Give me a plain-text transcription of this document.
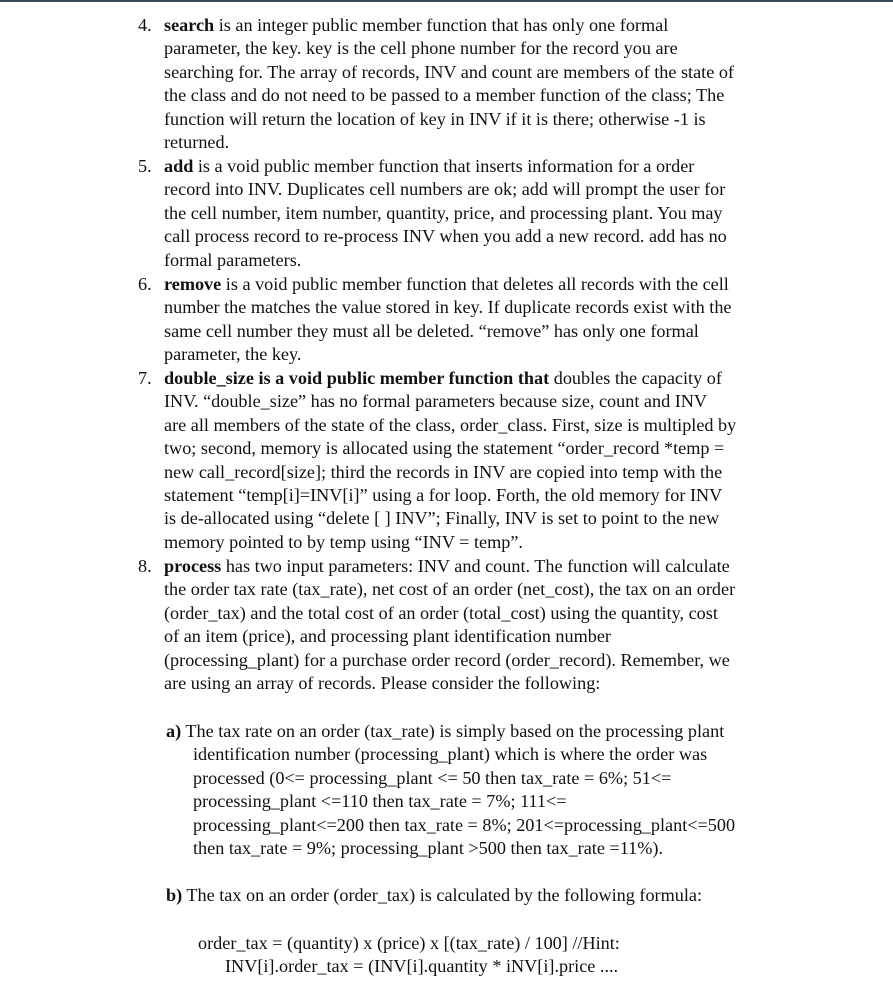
4. search is an integer public member function that has only one formal
parameter, the key. key is the cell phone number for the record you are
searching for. The array of records, INV and count are members of the state of
the class and do not need to be passed to a member function of the class; The
function will return the location of key in INV if it is there; otherwise -1 is
returned.
5. add is a void public member function that inserts information for a order
record into INV. Duplicates cell numbers are ok; add will prompt the user for
the cell number, item number, quantity, price, and processing plant. You may
call process record to re-process INV when you add a new record. add has no
formal parameters.
6. remove is a void public member function that deletes all records with the cell
number the matches the value stored in key. If duplicate records exist with the
same cell number they must all be deleted. “remove” has only one formal
parameter, the key.
7. double_size is a void public member function that doubles the capacity of
INV. “double_size” has no formal parameters because size, count and INV
are all members of the state of the class, order_class. First, size is multipled by
two; second, memory is allocated using the statement “order_record *temp =
new call_record[size]; third the records in INV are copied into temp with the
statement “temp[i]=INV[i]” using a for loop. Forth, the old memory for INV
is de-allocated using “delete [ ] INV”; Finally, INV is set to point to the new
memory pointed to by temp using “INV = temp”.
8. process has two input parameters: INV and count. The function will calculate
the order tax rate (tax_rate), net cost of an order (net_cost), the tax on an order
(order_tax) and the total cost of an order (total_cost) using the quantity, cost
of an item (price), and processing plant identification number
(processing_plant) for a purchase order record (order_record). Remember, we
are using an array of records. Please consider the following:
a) The tax rate on an order (tax_rate) is simply based on the processing plant
identification number (processing_plant) which is where the order was
processed (0<= processing_plant <= 50 then tax_rate = 6%; 51<=
processing_plant <=110 then tax_rate = 7%; 111<=
processing_plant<=200 then tax_rate = 8%; 201<=processing_plant<=500
then tax_rate = 9%; processing_plant >500 then tax_rate =11%).
b) The tax on an order (order_tax) is calculated by the following formula:
order_tax = (quantity) x (price) x [(tax_rate) / 100] //Hint:
INV[i].order_tax = (INV[i].quantity * iNV[i].price ....
